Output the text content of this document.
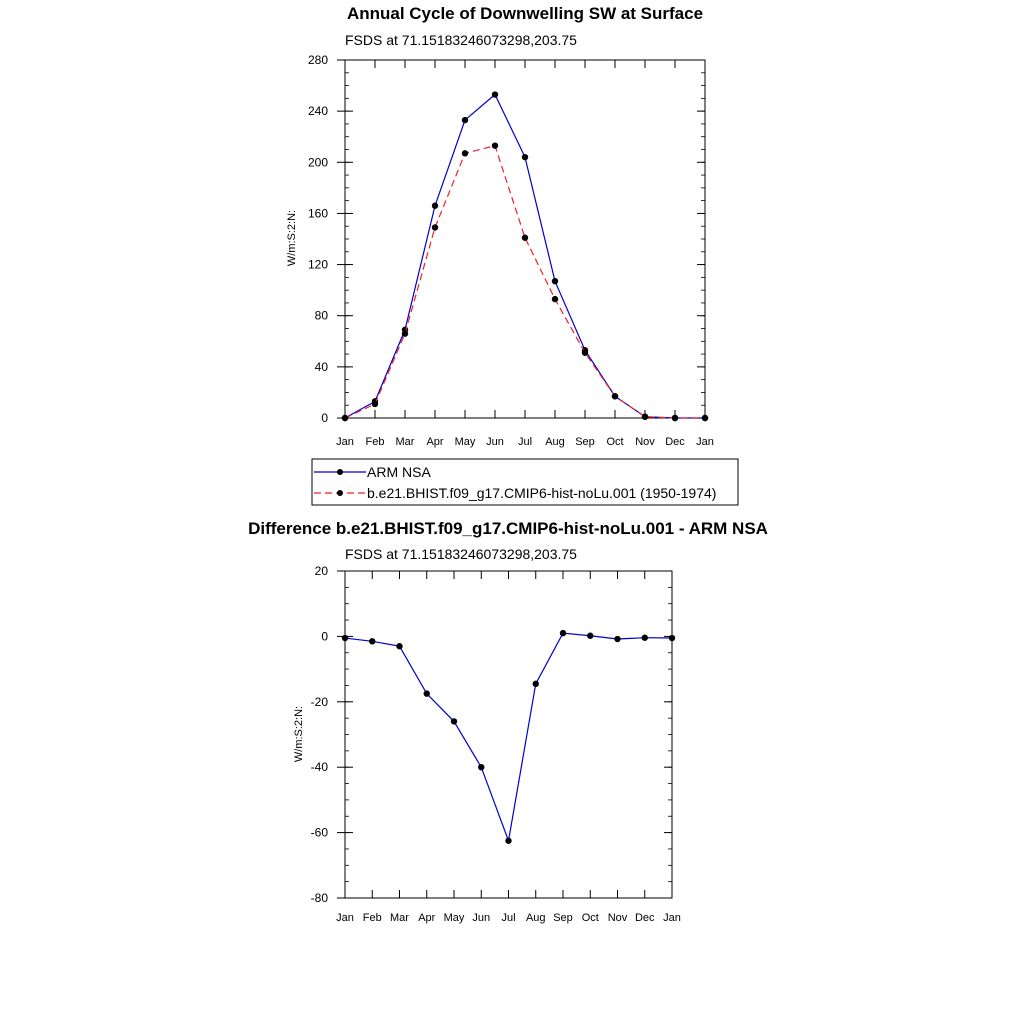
Annual Cycle of Downwelling SW at Surface
FSDS at 71.15183246073298,203.75
W/m:S:2:N:
0
40
80
120
160
200
240
280
Jan Feb Mar Apr May Jun Jul Aug Sep Oct Nov Dec Jan
ARM NSA
b.e21.BHIST.f09_g17.CMIP6-hist-noLu.001 (1950-1974)
Difference b.e21.BHIST.f09_g17.CMIP6-hist-noLu.001 - ARM NSA
FSDS at 71.15183246073298,203.75
W/m:S:2:N:
20
0
-20
-40
-60
-80
Jan Feb Mar Apr May Jun Jul Aug Sep Oct Nov Dec Jan
